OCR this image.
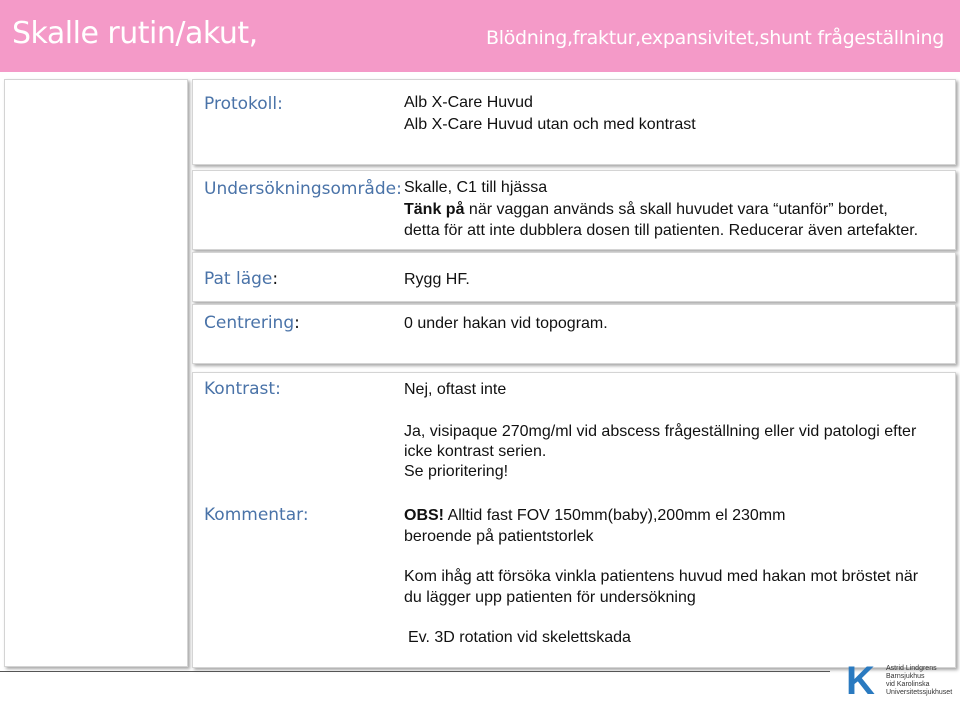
Skalle rutin/akut,	Blödning,fraktur,expansivitet,shunt frågeställning
Protokoll:	Alb X-Care Huvud
Alb X-Care Huvud utan och med kontrast
Undersökningsområde: Skalle, C1 till hjässa
Tänk på när vaggan används så skall huvudet vara “utanför” bordet,
detta för att inte dubblera dosen till patienten. Reducerar även artefakter.
Pat läge:	Rygg HF.
Centrering:	0 under hakan vid topogram.
Kontrast:	Nej, oftast inte
Ja, visipaque 270mg/ml vid abscess frågeställning eller vid patologi efter
icke kontrast serien.
Se prioritering!
Kommentar:	OBS! Alltid fast FOV 150mm(baby),200mm el 230mm
beroende på patientstorlek
Kom ihåg att försöka vinkla patientens huvud med hakan mot bröstet när
du lägger upp patienten för undersökning
Ev. 3D rotation vid skelettskada
K Astrid Lindgrens
Barnsjukhus
vid Karolinska
Universitetssjukhuset
